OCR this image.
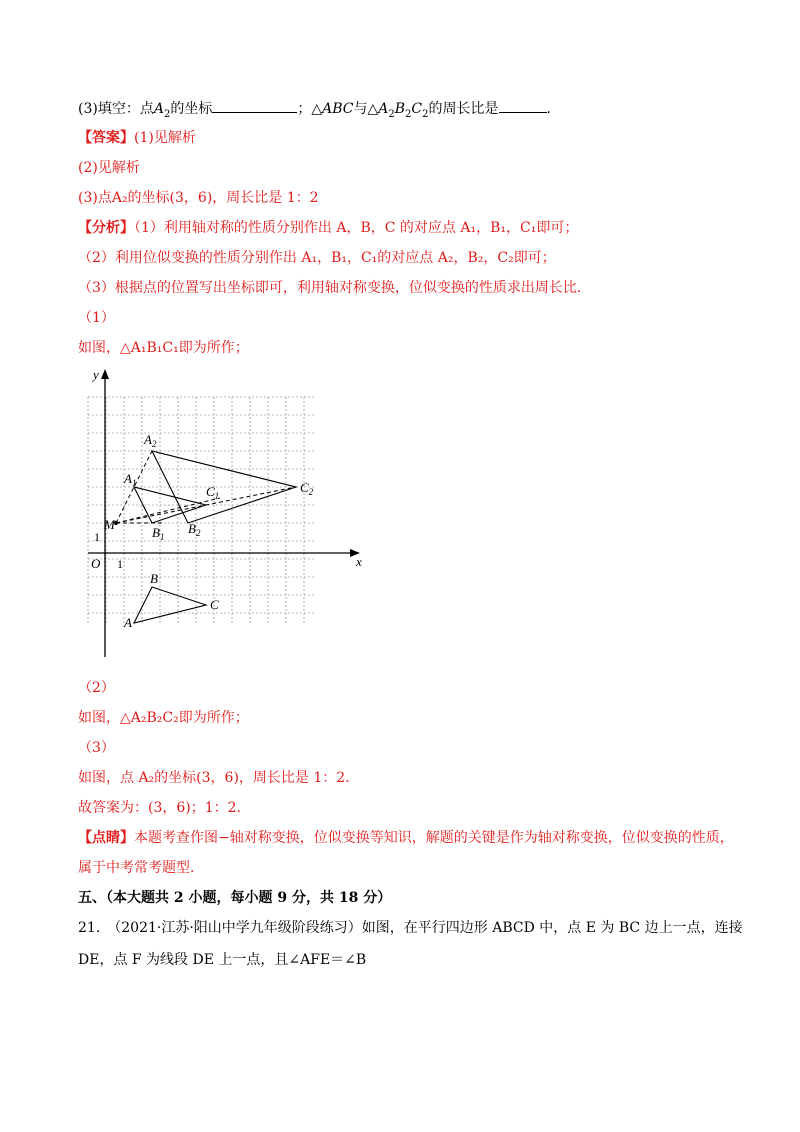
(3)填空：点$A_2$的坐标	；△ABC与$\triangle A_2B_2C_2$的周长比是	.
【答案】(1)见解析
(2)见解析
(3)点A₂的坐标(3，6)，周长比是 1：2
【分析】（1）利用轴对称的性质分别作出 A，B，C 的对应点 A₁，B₁，C₁即可；
（2）利用位似变换的性质分别作出 A₁，B₁，C₁的对应点 A₂，B₂，C₂即可；
（3）根据点的位置写出坐标即可，利用轴对称变换，位似变换的性质求出周长比.
（1）
如图，△A₁B₁C₁即为所作；
y
x
O
$A_2$
$A_1$
$C_1$
$C_2$
M
$B_1$
$B_2$
B
C
A
1
1
（2）
如图，△A₂B₂C₂即为所作；
（3）
如图，点 A₂的坐标(3，6)，周长比是 1：2.
故答案为：(3，6)；1：2.
【点睛】本题考查作图−轴对称变换，位似变换等知识，解题的关键是作为轴对称变换，位似变换的性质，
属于中考常考题型.
五、（本大题共 2 小题，每小题 9 分，共 18 分）
21.　（2021·江苏·阳山中学九年级阶段练习）如图，在平行四边形 ABCD 中，点 E 为 BC 边上一点，连接
DE，点 F 为线段 DE 上一点，且∠AFE＝∠B
